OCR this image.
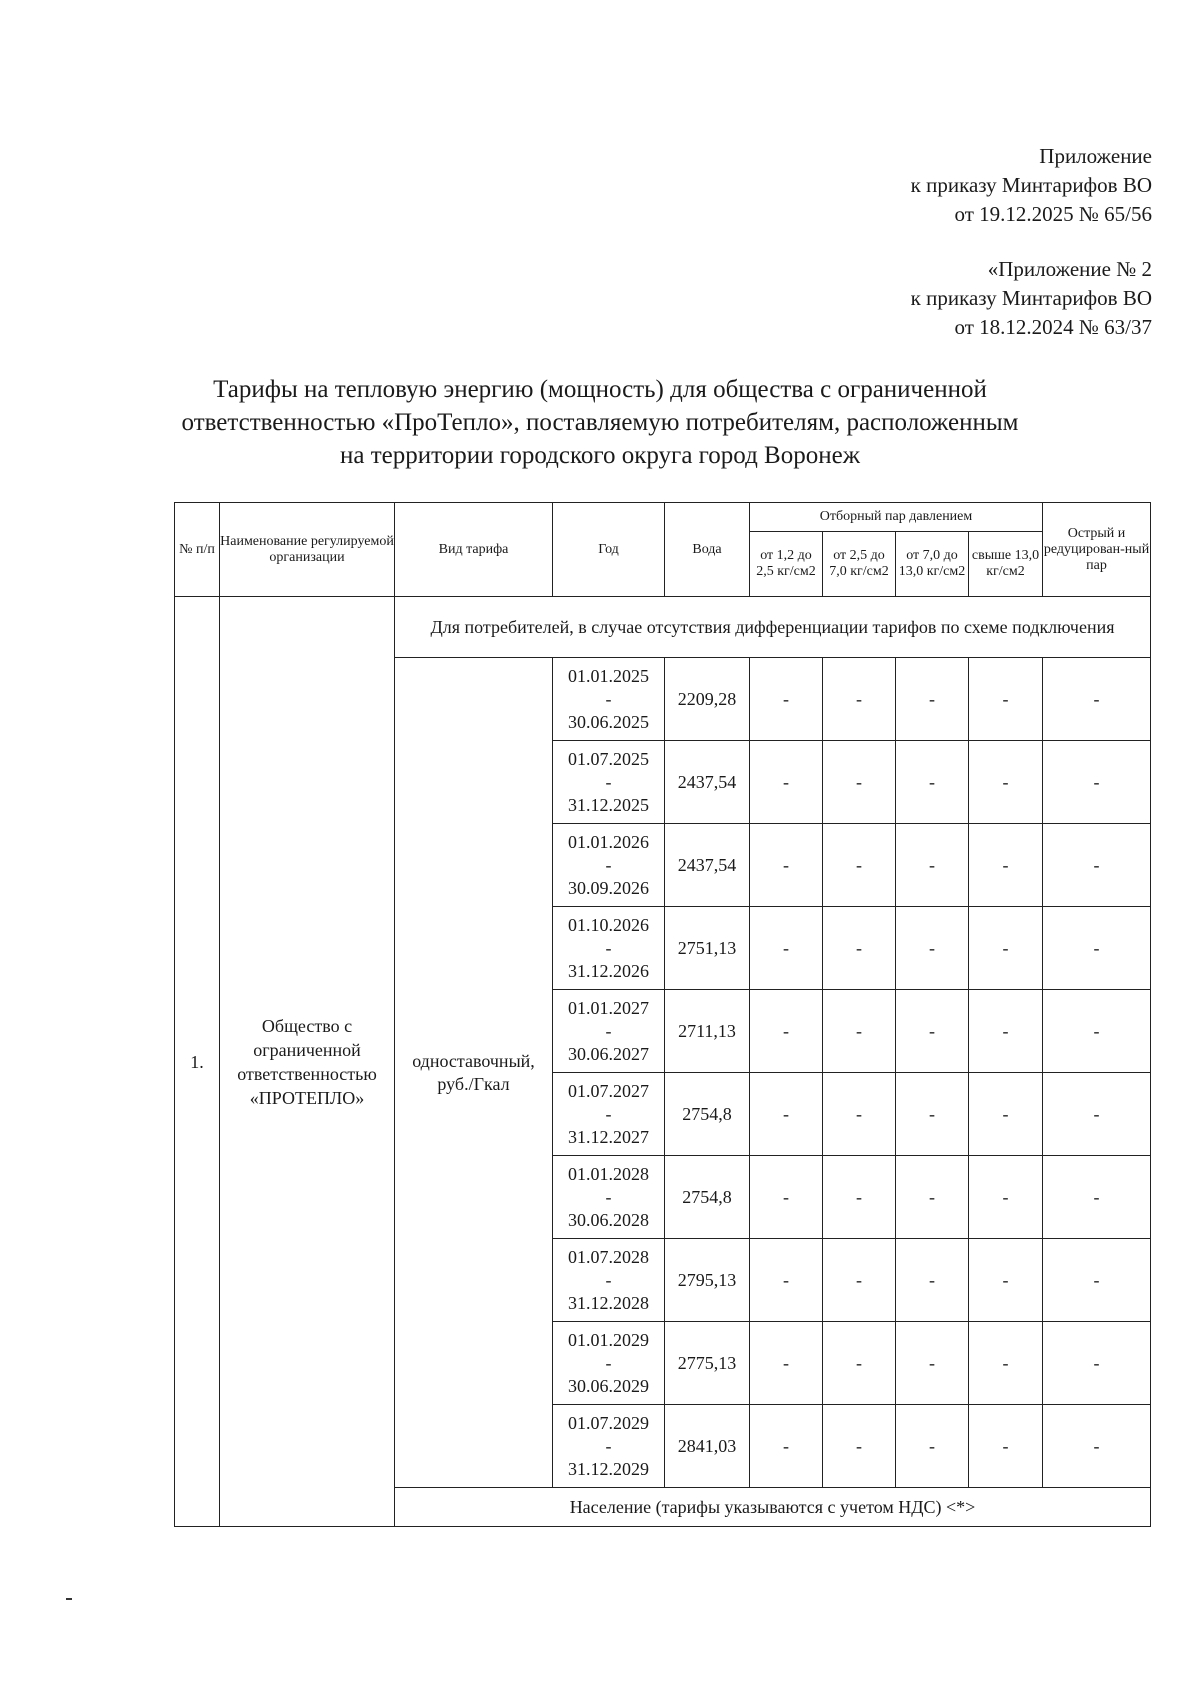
Приложение
к приказу Минтарифов ВО
от 19.12.2025 № 65/56
«Приложение № 2
к приказу Минтарифов ВО
от 18.12.2024 № 63/37
Тарифы на тепловую энергию (мощность) для общества с ограниченной
ответственностью «ПроТепло», поставляемую потребителям, расположенным
на территории городского округа город Воронеж
№ п/п	Наименование регулируемой организации	Вид тарифа	Год	Вода	Отборный пар давлением				Острый и редуцирован-ный пар
					от 1,2 до 2,5 кг/см2	от 2,5 до 7,0 кг/см2	от 7,0 до 13,0 кг/см2	свыше 13,0 кг/см2	
1.	Общество с
ограниченной
ответственностью
«ПРОТЕПЛО»	Для потребителей, в случае отсутствия дифференциации тарифов по схеме подключения							

		одноставочный,
руб./Гкал	01.01.2025
-
30.06.2025	2209,28	-	-	-	-	-

			01.07.2025
-
31.12.2025	2437,54	-	-	-	-	-

			01.01.2026
-
30.09.2026	2437,54	-	-	-	-	-

			01.10.2026
-
31.12.2026	2751,13	-	-	-	-	-

			01.01.2027
-
30.06.2027	2711,13	-	-	-	-	-

			01.07.2027
-
31.12.2027	2754,8	-	-	-	-	-

			01.01.2028
-
30.06.2028	2754,8	-	-	-	-	-

			01.07.2028
-
31.12.2028	2795,13	-	-	-	-	-

			01.01.2029
-
30.06.2029	2775,13	-	-	-	-	-

			01.07.2029
-
31.12.2029	2841,03	-	-	-	-	-
		Население (тарифы указываются с учетом НДС) <*>							
